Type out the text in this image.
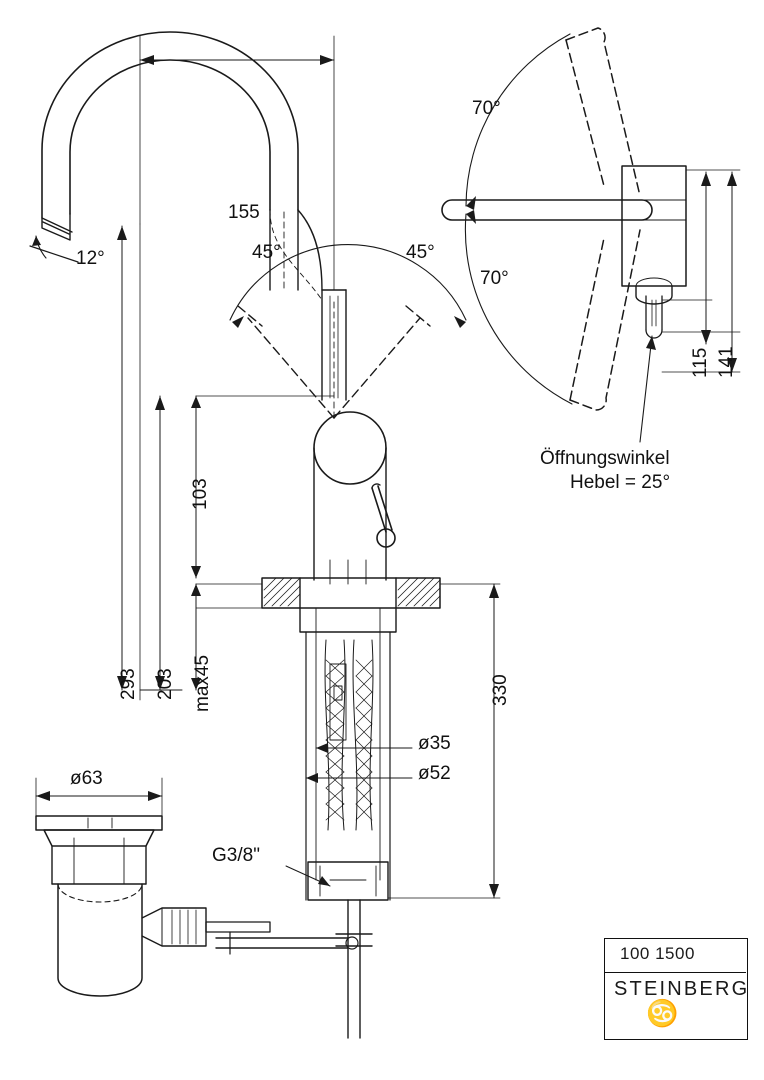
155
12°	45°	45°
103
293 203 max45	330
ø35
ø52
G3/8"
ø63
70°
70°
115 141
Öffnungswinkel
Hebel = 25°
100 1500
STEINBERG
♋
